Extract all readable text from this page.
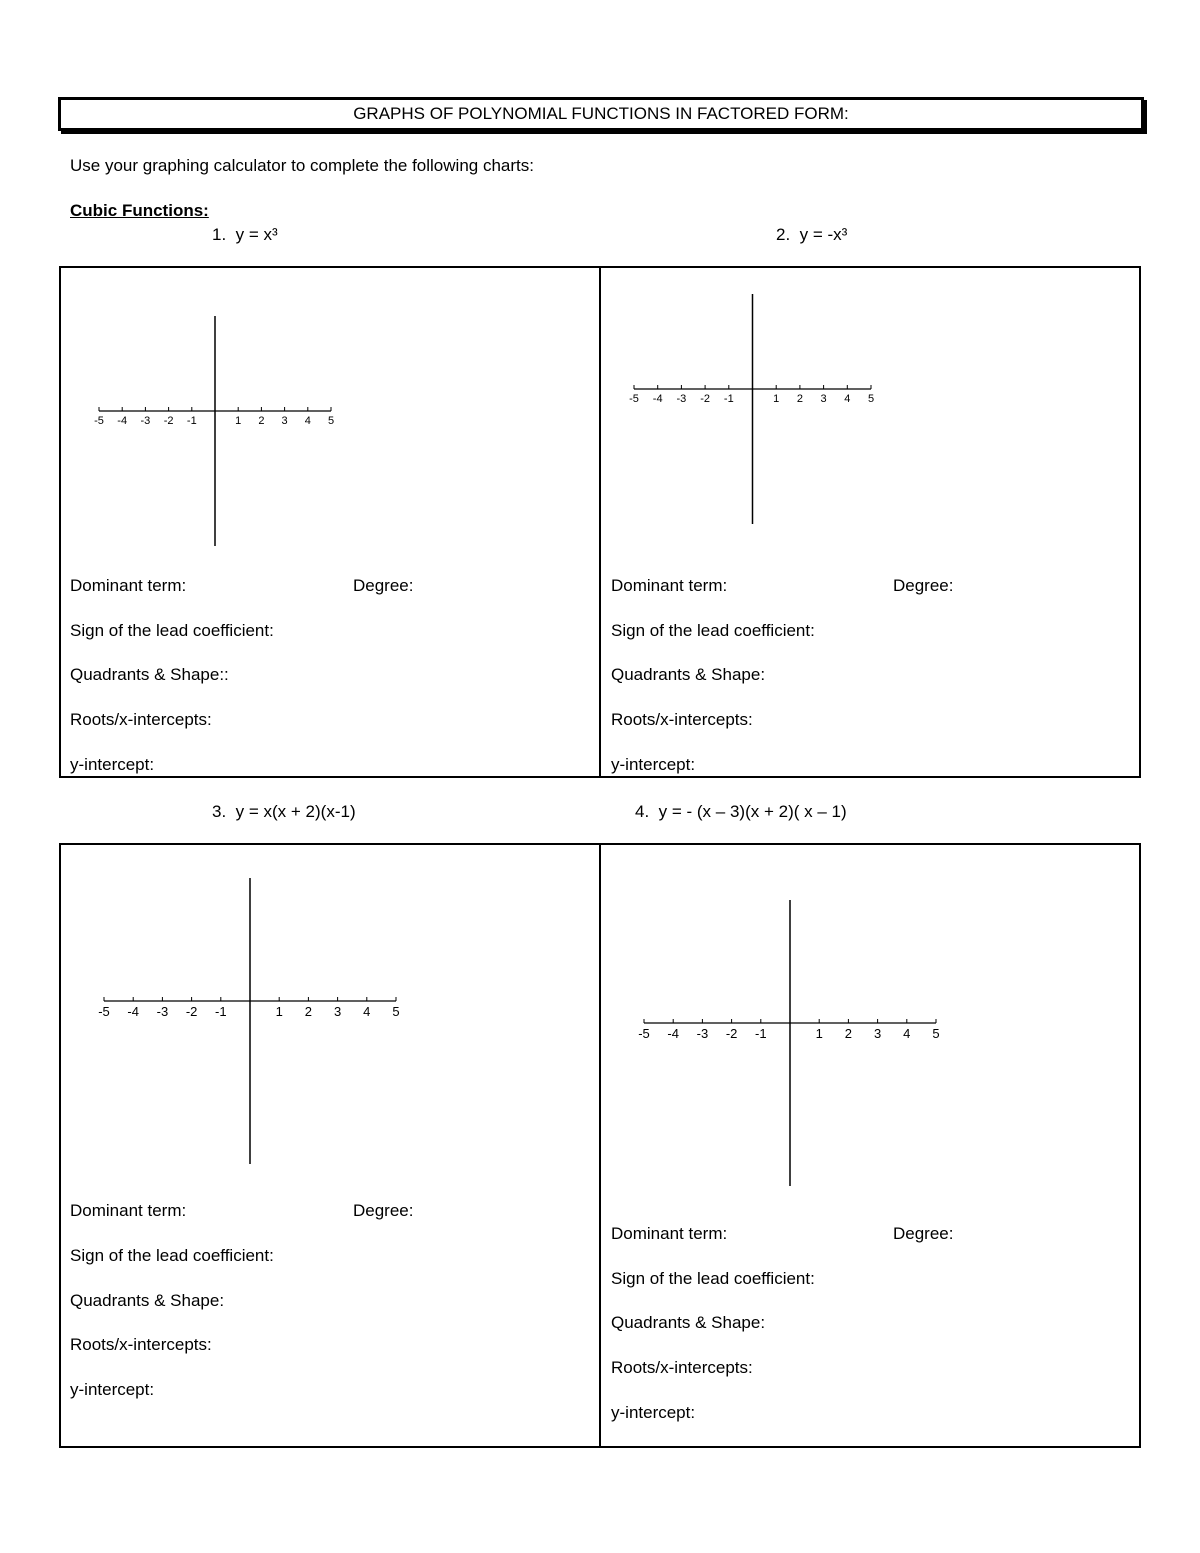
GRAPHS OF POLYNOMIAL FUNCTIONS IN FACTORED FORM:
Use your graphing calculator to complete the following charts:
Cubic Functions:
1. y = x³	2. y = -x³
3. y = x(x + 2)(x-1)	4. y = - (x – 3)(x + 2)( x – 1)
-5 -4 -3 -2 -1	1 2 3 4 5
-5 -4 -3 -2 -1	1 2 3 4 5
-5 -4 -3 -2 -1	1 2 3 4 5
-5 -4 -3 -2 -1	1 2 3 4 5
Dominant term:	Degree:
Sign of the lead coefficient:
Quadrants & Shape::
Roots/x-intercepts:
y-intercept:
Dominant term:	Degree:
Sign of the lead coefficient:
Quadrants & Shape:
Roots/x-intercepts:
y-intercept:
Dominant term:	Degree:
Sign of the lead coefficient:
Quadrants & Shape:
Roots/x-intercepts:
y-intercept:
Dominant term:	Degree:
Sign of the lead coefficient:
Quadrants & Shape:
Roots/x-intercepts:
y-intercept:
